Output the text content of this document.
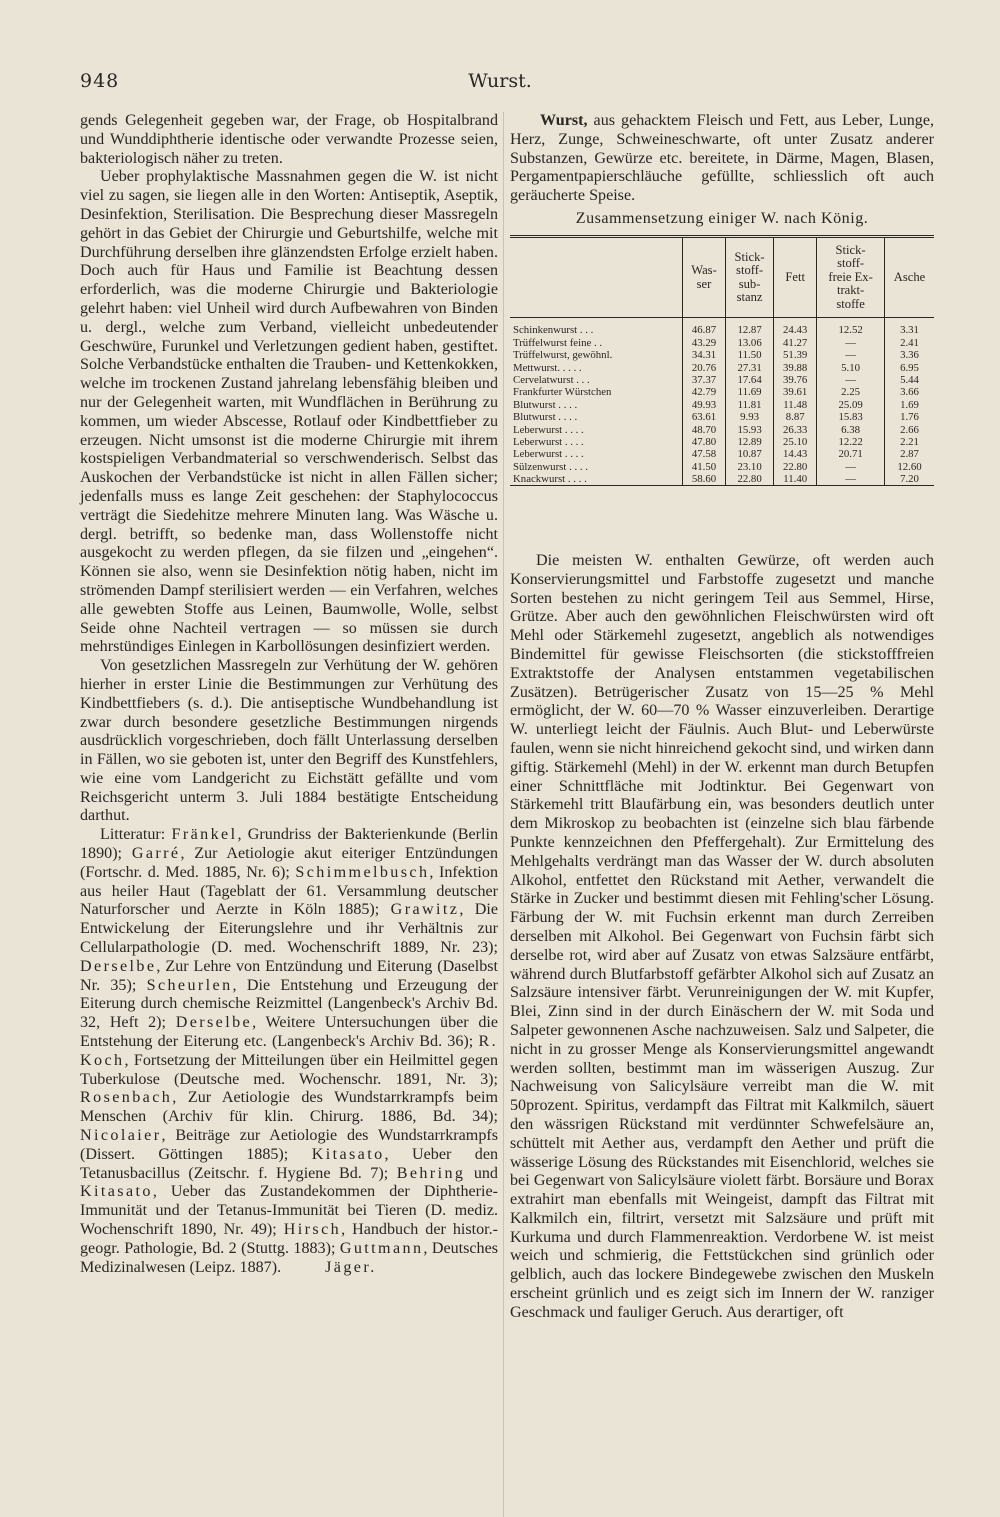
948	Wurst.

gends Gelegenheit gegeben war, der Frage, ob Hospitalbrand und Wunddiphtherie identische oder verwandte Prozesse seien, bakteriologisch näher zu treten.

Ueber prophylaktische Massnahmen gegen die W. ist nicht viel zu sagen, sie liegen alle in den Worten: Antiseptik, Aseptik, Desinfektion, Sterilisation. Die Besprechung dieser Massregeln gehört in das Gebiet der Chirurgie und Geburtshilfe, welche mit Durchführung derselben ihre glänzendsten Erfolge erzielt haben. Doch auch für Haus und Familie ist Beachtung dessen erforderlich, was die moderne Chirurgie und Bakteriologie gelehrt haben: viel Unheil wird durch Aufbewahren von Binden u. dergl., welche zum Verband, vielleicht unbedeutender Geschwüre, Furunkel und Verletzungen gedient haben, gestiftet. Solche Verbandstücke enthalten die Trauben- und Kettenkokken, welche im trockenen Zustand jahrelang lebensfähig bleiben und nur der Gelegenheit warten, mit Wundflächen in Berührung zu kommen, um wieder Abscesse, Rotlauf oder Kindbettfieber zu erzeugen. Nicht umsonst ist die moderne Chirurgie mit ihrem kostspieligen Verbandmaterial so verschwenderisch. Selbst das Auskochen der Verbandstücke ist nicht in allen Fällen sicher; jedenfalls muss es lange Zeit geschehen: der Staphylococcus verträgt die Siedehitze mehrere Minuten lang. Was Wäsche u. dergl. betrifft, so bedenke man, dass Wollenstoffe nicht ausgekocht zu werden pflegen, da sie filzen und „eingehen“. Können sie also, wenn sie Desinfektion nötig haben, nicht im strömenden Dampf sterilisiert werden — ein Verfahren, welches alle gewebten Stoffe aus Leinen, Baumwolle, Wolle, selbst Seide ohne Nachteil vertragen — so müssen sie durch mehrstündiges Einlegen in Karbollösungen desinfiziert werden.

Von gesetzlichen Massregeln zur Verhütung der W. gehören hierher in erster Linie die Bestimmungen zur Verhütung des Kindbettfiebers (s. d.). Die antiseptische Wundbehandlung ist zwar durch besondere gesetzliche Bestimmungen nirgends ausdrücklich vorgeschrieben, doch fällt Unterlassung derselben in Fällen, wo sie geboten ist, unter den Begriff des Kunstfehlers, wie eine vom Landgericht zu Eichstätt gefällte und vom Reichsgericht unterm 3. Juli 1884 bestätigte Entscheidung darthut.

Litteratur: Fränkel, Grundriss der Bakterienkunde (Berlin 1890); Garré, Zur Aetiologie akut eiteriger Entzündungen (Fortschr. d. Med. 1885, Nr. 6); Schimmelbusch, Infektion aus heiler Haut (Tageblatt der 61. Versammlung deutscher Naturforscher und Aerzte in Köln 1885); Grawitz, Die Entwickelung der Eiterungslehre und ihr Verhältnis zur Cellularpathologie (D. med. Wochenschrift 1889, Nr. 23); Derselbe, Zur Lehre von Entzündung und Eiterung (Daselbst Nr. 35); Scheurlen, Die Entstehung und Erzeugung der Eiterung durch chemische Reizmittel (Langenbeck's Archiv Bd. 32, Heft 2); Derselbe, Weitere Untersuchungen über die Entstehung der Eiterung etc. (Langenbeck's Archiv Bd. 36); R. Koch, Fortsetzung der Mitteilungen über ein Heilmittel gegen Tuberkulose (Deutsche med. Wochenschr. 1891, Nr. 3); Rosenbach, Zur Aetiologie des Wundstarrkrampfs beim Menschen (Archiv für klin. Chirurg. 1886, Bd. 34); Nicolaier, Beiträge zur Aetiologie des Wundstarrkrampfs (Dissert. Göttingen 1885); Kitasato, Ueber den Tetanusbacillus (Zeitschr. f. Hygiene Bd. 7); Behring und Kitasato, Ueber das Zustandekommen der Diphtherie-Immunität und der Tetanus-Immunität bei Tieren (D. mediz. Wochenschrift 1890, Nr. 49); Hirsch, Handbuch der histor.-geogr. Pathologie, Bd. 2 (Stuttg. 1883); Guttmann, Deutsches Medizinalwesen (Leipz. 1887). Jäger.

Wurst, aus gehacktem Fleisch und Fett, aus Leber, Lunge, Herz, Zunge, Schweineschwarte, oft unter Zusatz anderer Substanzen, Gewürze etc. bereitete, in Därme, Magen, Blasen, Pergamentpapierschläuche gefüllte, schliesslich oft auch geräucherte Speise.

Zusammensetzung einiger W. nach König.
	Was-
ser	Stick-
stoff-
sub-
stanz	Fett	Stick-
stoff-
freie Ex-
trakt-
stoffe	Asche
Schinkenwurst . . .	46.87	12.87	24.43	12.52	3.31
Trüffelwurst feine . .	43.29	13.06	41.27	—	2.41
Trüffelwurst, gewöhnl.	34.31	11.50	51.39	—	3.36
Mettwurst. . . . .	20.76	27.31	39.88	5.10	6.95
Cervelatwurst . . .	37.37	17.64	39.76	—	5.44
Frankfurter Würstchen	42.79	11.69	39.61	2.25	3.66
Blutwurst . . . .	49.93	11.81	11.48	25.09	1.69
Blutwurst . . . .	63.61	9.93	8.87	15.83	1.76
Leberwurst . . . .	48.70	15.93	26.33	6.38	2.66
Leberwurst . . . .	47.80	12.89	25.10	12.22	2.21
Leberwurst . . . .	47.58	10.87	14.43	20.71	2.87
Sülzenwurst . . . .	41.50	23.10	22.80	—	12.60
Knackwurst . . . .	58.60	22.80	11.40	—	7.20

Die meisten W. enthalten Gewürze, oft werden auch Konservierungsmittel und Farbstoffe zugesetzt und manche Sorten bestehen zu nicht geringem Teil aus Semmel, Hirse, Grütze. Aber auch den gewöhnlichen Fleischwürsten wird oft Mehl oder Stärkemehl zugesetzt, angeblich als notwendiges Bindemittel für gewisse Fleischsorten (die stickstofffreien Extraktstoffe der Analysen entstammen vegetabilischen Zusätzen). Betrügerischer Zusatz von 15—25 % Mehl ermöglicht, der W. 60—70 % Wasser einzuverleiben. Derartige W. unterliegt leicht der Fäulnis. Auch Blut- und Leberwürste faulen, wenn sie nicht hinreichend gekocht sind, und wirken dann giftig. Stärkemehl (Mehl) in der W. erkennt man durch Betupfen einer Schnittfläche mit Jodtinktur. Bei Gegenwart von Stärkemehl tritt Blaufärbung ein, was besonders deutlich unter dem Mikroskop zu beobachten ist (einzelne sich blau färbende Punkte kennzeichnen den Pfeffergehalt). Zur Ermittelung des Mehlgehalts verdrängt man das Wasser der W. durch absoluten Alkohol, entfettet den Rückstand mit Aether, verwandelt die Stärke in Zucker und bestimmt diesen mit Fehling'scher Lösung. Färbung der W. mit Fuchsin erkennt man durch Zerreiben derselben mit Alkohol. Bei Gegenwart von Fuchsin färbt sich derselbe rot, wird aber auf Zusatz von etwas Salzsäure entfärbt, während durch Blutfarbstoff gefärbter Alkohol sich auf Zusatz an Salzsäure intensiver färbt. Verunreinigungen der W. mit Kupfer, Blei, Zinn sind in der durch Einäschern der W. mit Soda und Salpeter gewonnenen Asche nachzuweisen. Salz und Salpeter, die nicht in zu grosser Menge als Konservierungsmittel angewandt werden sollten, bestimmt man im wässerigen Auszug. Zur Nachweisung von Salicylsäure verreibt man die W. mit 50prozent. Spiritus, verdampft das Filtrat mit Kalkmilch, säuert den wässrigen Rückstand mit verdünnter Schwefelsäure an, schüttelt mit Aether aus, verdampft den Aether und prüft die wässerige Lösung des Rückstandes mit Eisenchlorid, welches sie bei Gegenwart von Salicylsäure violett färbt. Borsäure und Borax extrahirt man ebenfalls mit Weingeist, dampft das Filtrat mit Kalkmilch ein, filtrirt, versetzt mit Salzsäure und prüft mit Kurkuma und durch Flammenreaktion. Verdorbene W. ist meist weich und schmierig, die Fettstückchen sind grünlich oder gelblich, auch das lockere Bindegewebe zwischen den Muskeln erscheint grünlich und es zeigt sich im Innern der W. ranziger Geschmack und fauliger Geruch. Aus derartiger, oft
